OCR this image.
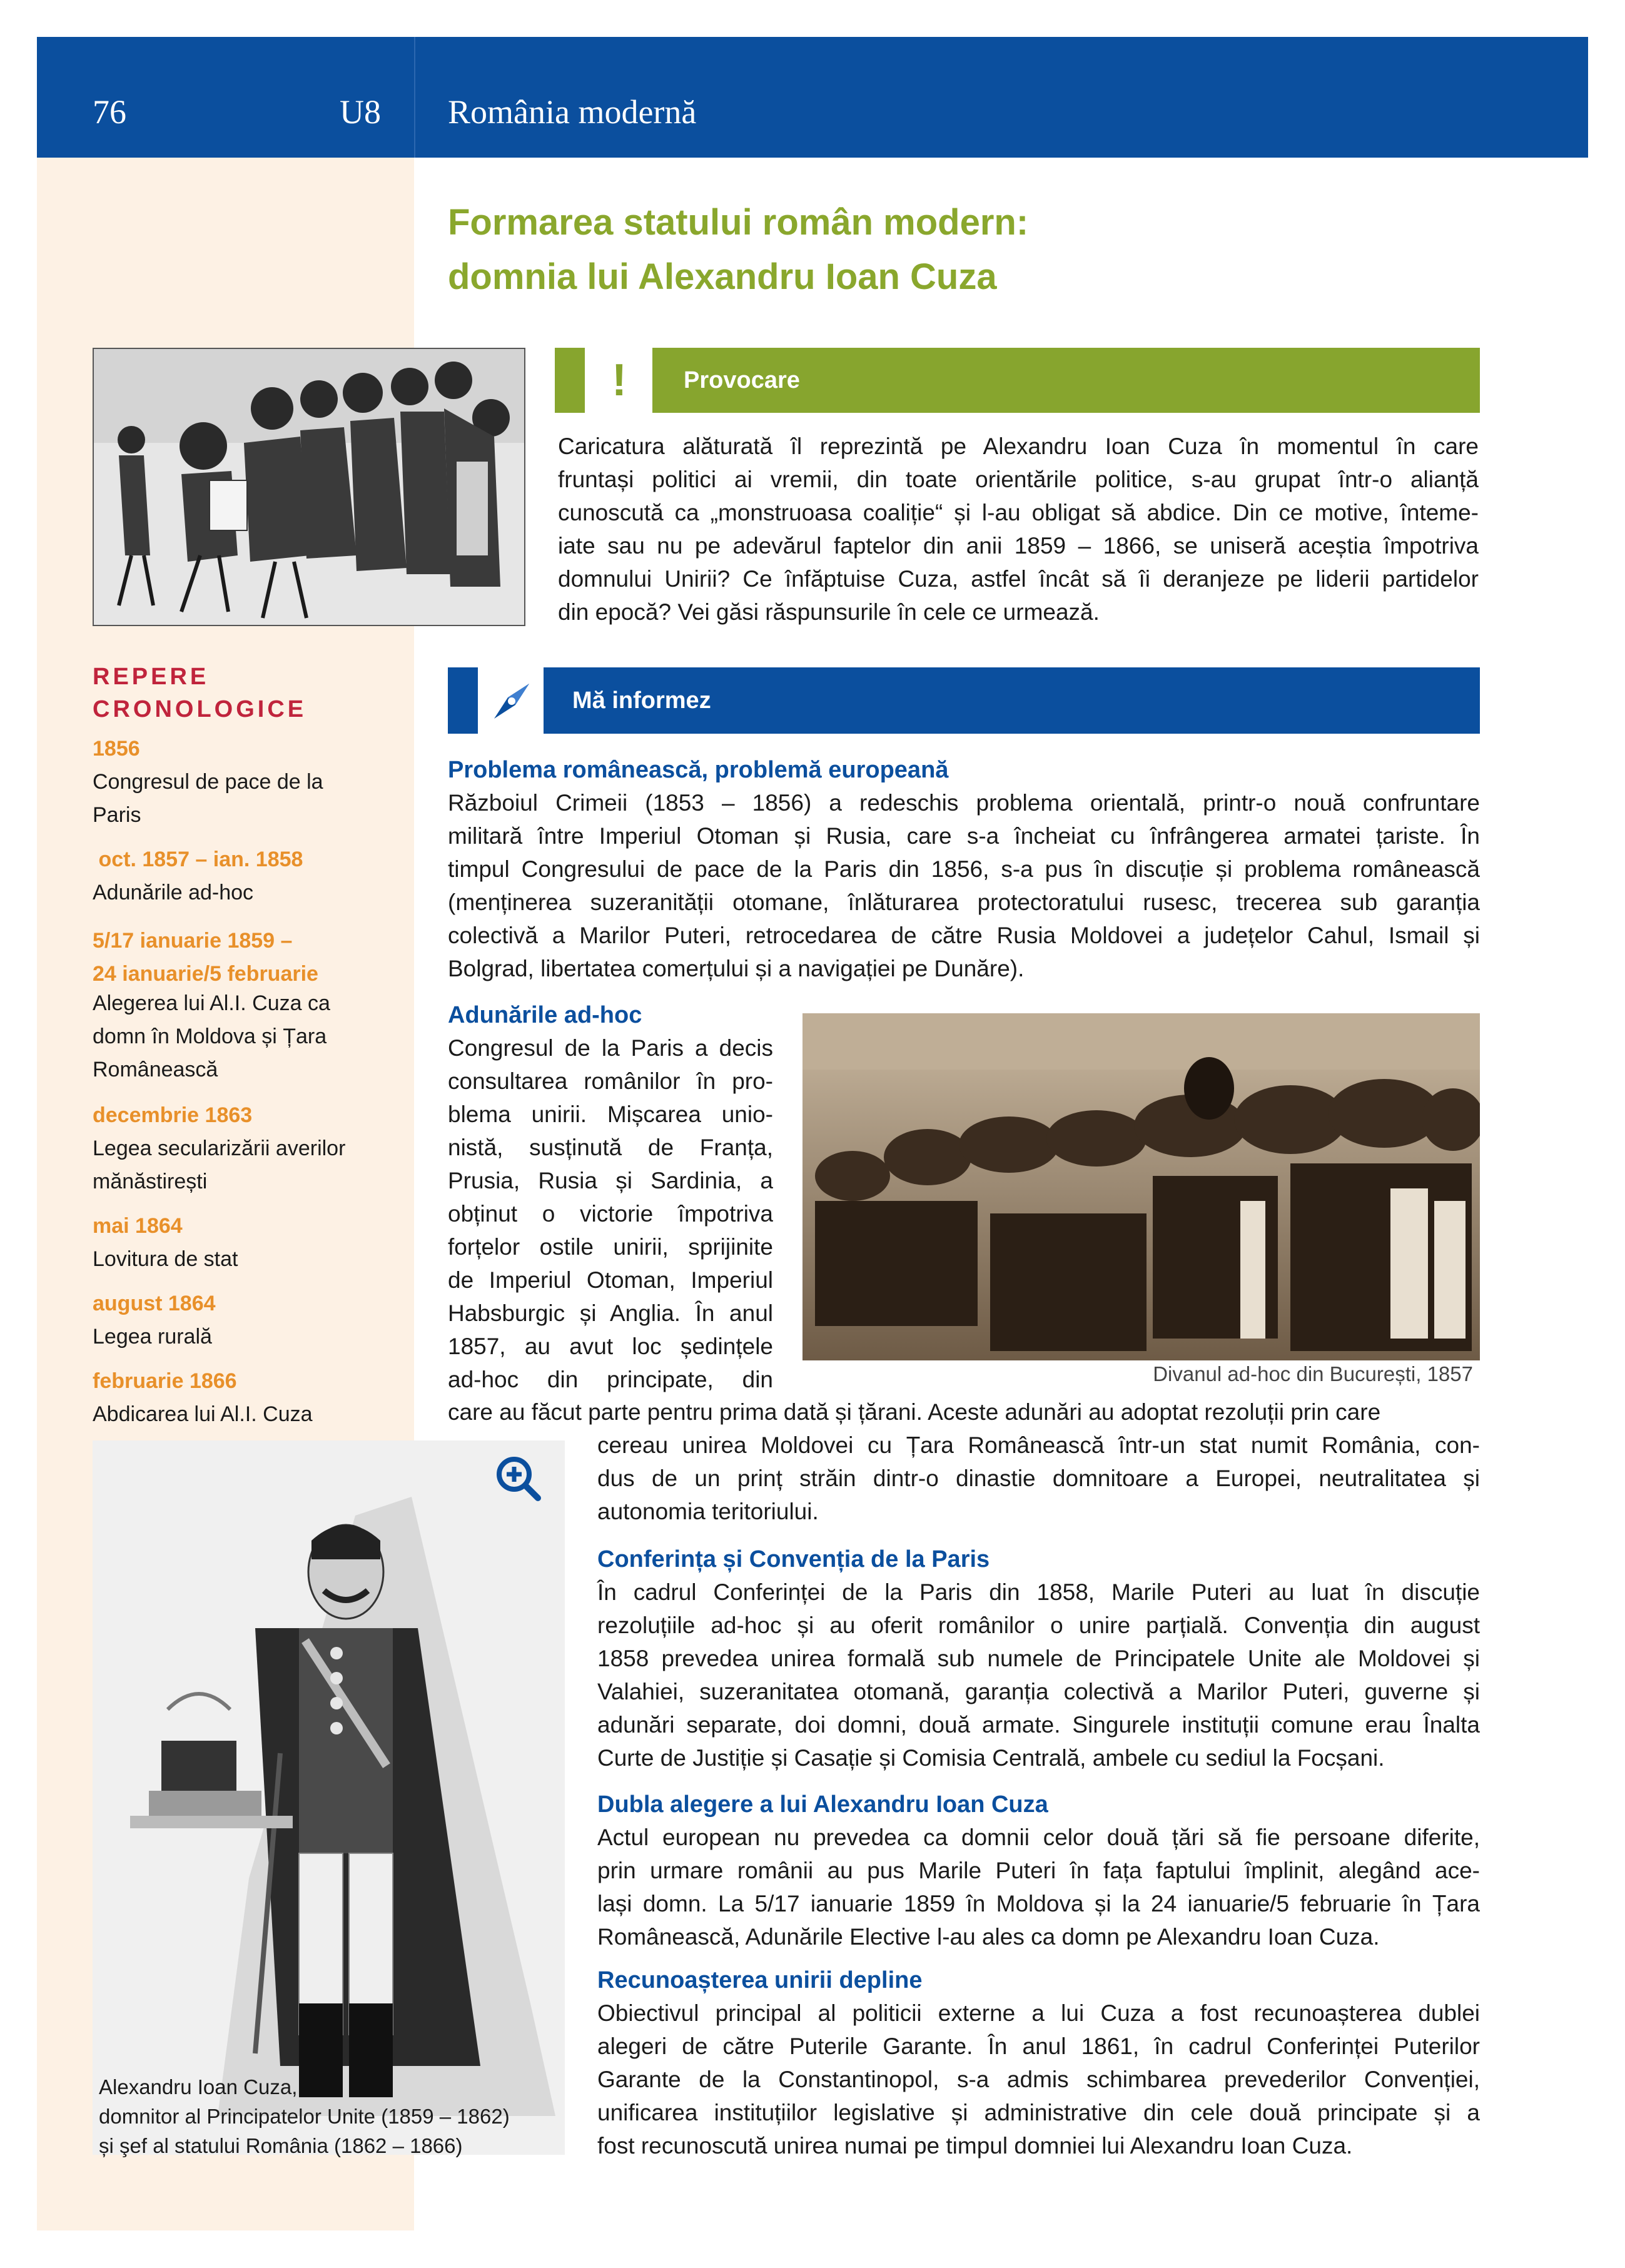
76	U8 România modernă
Formarea statului român modern:
domnia lui Alexandru Ioan Cuza
!	Provocare
Caricatura alăturată îl reprezintă pe Alexandru Ioan Cuza în momentul în care
fruntași politici ai vremii, din toate orientările politice, s-au grupat într-o alianță
cunoscută ca „monstruoasa coaliție“ și l-au obligat să abdice. Din ce motive, înteme-
iate sau nu pe adevărul faptelor din anii 1859 – 1866, se uniseră aceștia împotriva
domnului Unirii? Ce înfăptuise Cuza, astfel încât să îi deranjeze pe liderii partidelor
din epocă? Vei găsi răspunsurile în cele ce urmează.
REPERE
CRONOLOGICE
1856
Congresul de pace de la
Paris
oct. 1857 – ian. 1858
Adunările ad-hoc
5/17 ianuarie 1859 –
24 ianuarie/5 februarie
Alegerea lui Al.I. Cuza ca
domn în Moldova și Țara
Românească
decembrie 1863
Legea secularizării averilor
mănăstirești
mai 1864
Lovitura de stat
august 1864
Legea rurală
februarie 1866
Abdicarea lui Al.I. Cuza
Mă informez
Problema românească, problemă europeană
Războiul Crimeii (1853 – 1856) a redeschis problema orientală, printr-o nouă confruntare
militară între Imperiul Otoman și Rusia, care s-a încheiat cu înfrângerea armatei țariste. În
timpul Congresului de pace de la Paris din 1856, s-a pus în discuție și problema românească
(menținerea suzeranității otomane, înlăturarea protectoratului rusesc, trecerea sub garanția
colectivă a Marilor Puteri, retrocedarea de către Rusia Moldovei a județelor Cahul, Ismail și
Bolgrad, libertatea comerțului și a navigației pe Dunăre).
Adunările ad-hoc
Congresul de la Paris a decis
consultarea românilor în pro-
blema unirii. Mișcarea unio-
nistă, susținută de Franța,
Prusia, Rusia și Sardinia, a
obținut o victorie împotriva
forțelor ostile unirii, sprijinite
de Imperiul Otoman, Imperiul
Habsburgic și Anglia. În anul
1857, au avut loc ședințele
ad-hoc din principate, din	Divanul ad-hoc din București, 1857
care au făcut parte pentru prima dată și țărani. Aceste adunări au adoptat rezoluții prin care
cereau unirea Moldovei cu Țara Românească într-un stat numit România, con-
dus de un prinț străin dintr-o dinastie domnitoare a Europei, neutralitatea și
autonomia teritoriului.
Conferința și Convenția de la Paris
În cadrul Conferinței de la Paris din 1858, Marile Puteri au luat în discuție
rezoluțiile ad-hoc și au oferit românilor o unire parțială. Convenția din august
1858 prevedea unirea formală sub numele de Principatele Unite ale Moldovei și
Valahiei, suzeranitatea otomană, garanția colectivă a Marilor Puteri, guverne și
adunări separate, doi domni, două armate. Singurele instituții comune erau Înalta
Curte de Justiție și Casație și Comisia Centrală, ambele cu sediul la Focșani.
Dubla alegere a lui Alexandru Ioan Cuza
Actul european nu prevedea ca domnii celor două țări să fie persoane diferite,
prin urmare românii au pus Marile Puteri în fața faptului împlinit, alegând ace-
lași domn. La 5/17 ianuarie 1859 în Moldova și la 24 ianuarie/5 februarie în Țara
Românească, Adunările Elective l-au ales ca domn pe Alexandru Ioan Cuza.
Recunoașterea unirii depline
Obiectivul principal al politicii externe a lui Cuza a fost recunoașterea dublei
alegeri de către Puterile Garante. În anul 1861, în cadrul Conferinței Puterilor
Garante de la Constantinopol, s-a admis schimbarea prevederilor Convenției,
unificarea instituțiilor legislative și administrative din cele două principate și a
fost recunoscută unirea numai pe timpul domniei lui Alexandru Ioan Cuza.
Alexandru Ioan Cuza,
domnitor al Principatelor Unite (1859 – 1862)
și şef al statului România (1862 – 1866)
